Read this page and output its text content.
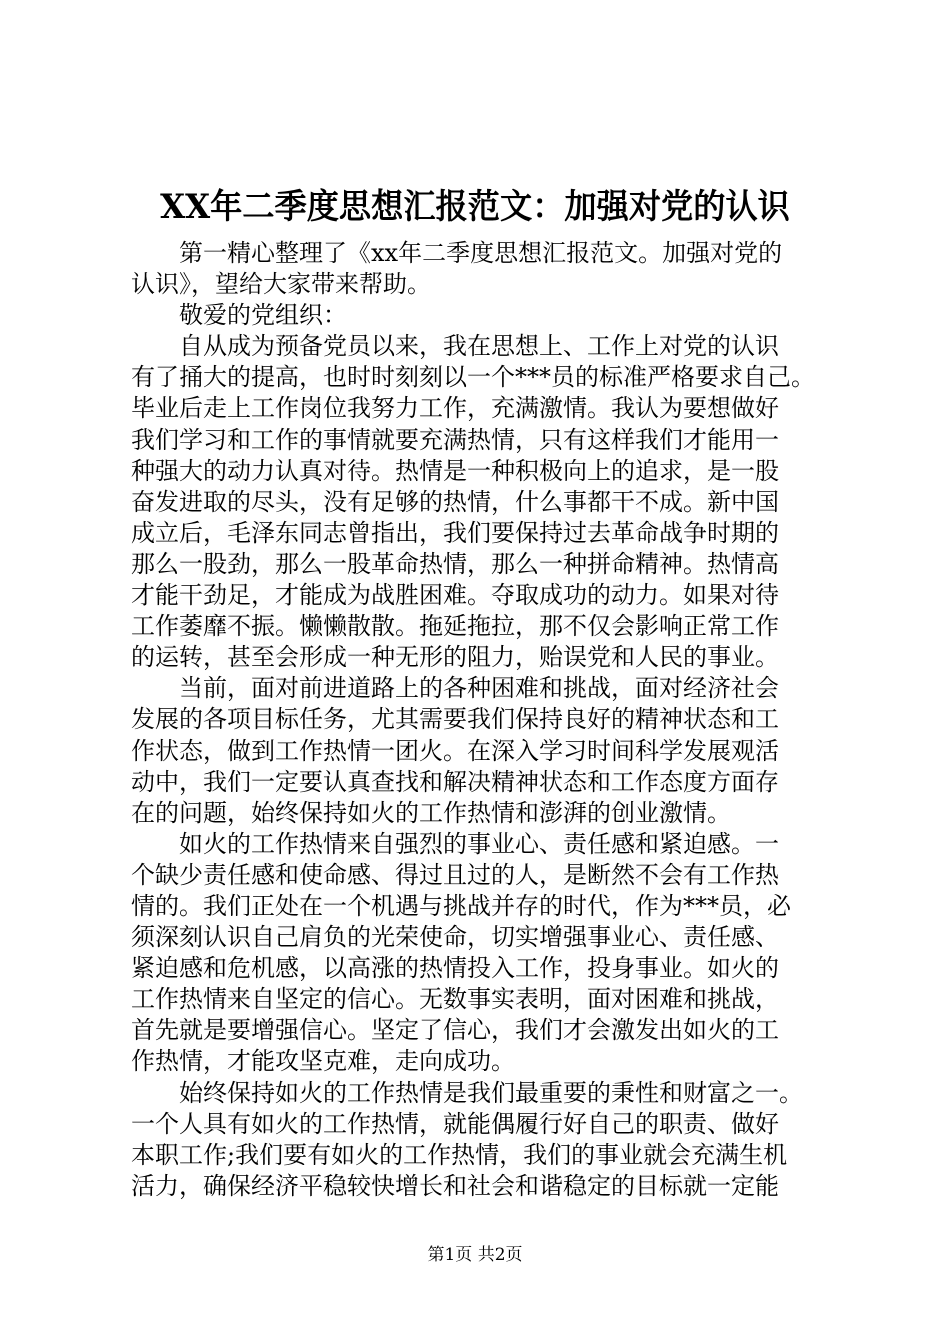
XX年二季度思想汇报范文：加强对党的认识
　　第一精心整理了《xx年二季度思想汇报范文。加强对党的
认识》，望给大家带来帮助。
　　敬爱的党组织：
　　自从成为预备党员以来，我在思想上、工作上对党的认识
有了捅大的提高，也时时刻刻以一个***员的标准严格要求自己。
毕业后走上工作岗位我努力工作，充满激情。我认为要想做好
我们学习和工作的事情就要充满热情，只有这样我们才能用一
种强大的动力认真对待。热情是一种积极向上的追求，是一股
奋发进取的尽头，没有足够的热情，什么事都干不成。新中国
成立后，毛泽东同志曾指出，我们要保持过去革命战争时期的
那么一股劲，那么一股革命热情，那么一种拼命精神。热情高
才能干劲足，才能成为战胜困难。夺取成功的动力。如果对待
工作萎靡不振。懒懒散散。拖延拖拉，那不仅会影响正常工作
的运转，甚至会形成一种无形的阻力，贻误党和人民的事业。
　　当前，面对前进道路上的各种困难和挑战，面对经济社会
发展的各项目标任务，尤其需要我们保持良好的精神状态和工
作状态，做到工作热情一团火。在深入学习时间科学发展观活
动中，我们一定要认真查找和解决精神状态和工作态度方面存
在的问题，始终保持如火的工作热情和澎湃的创业激情。
　　如火的工作热情来自强烈的事业心、责任感和紧迫感。一
个缺少责任感和使命感、得过且过的人，是断然不会有工作热
情的。我们正处在一个机遇与挑战并存的时代，作为***员，必
须深刻认识自己肩负的光荣使命，切实增强事业心、责任感、
紧迫感和危机感，以高涨的热情投入工作，投身事业。如火的
工作热情来自坚定的信心。无数事实表明，面对困难和挑战，
首先就是要增强信心。坚定了信心，我们才会激发出如火的工
作热情，才能攻坚克难，走向成功。
　　始终保持如火的工作热情是我们最重要的秉性和财富之一。
一个人具有如火的工作热情，就能偶履行好自己的职责、做好
本职工作;我们要有如火的工作热情，我们的事业就会充满生机
活力，确保经济平稳较快增长和社会和谐稳定的目标就一定能
第1页 共2页
